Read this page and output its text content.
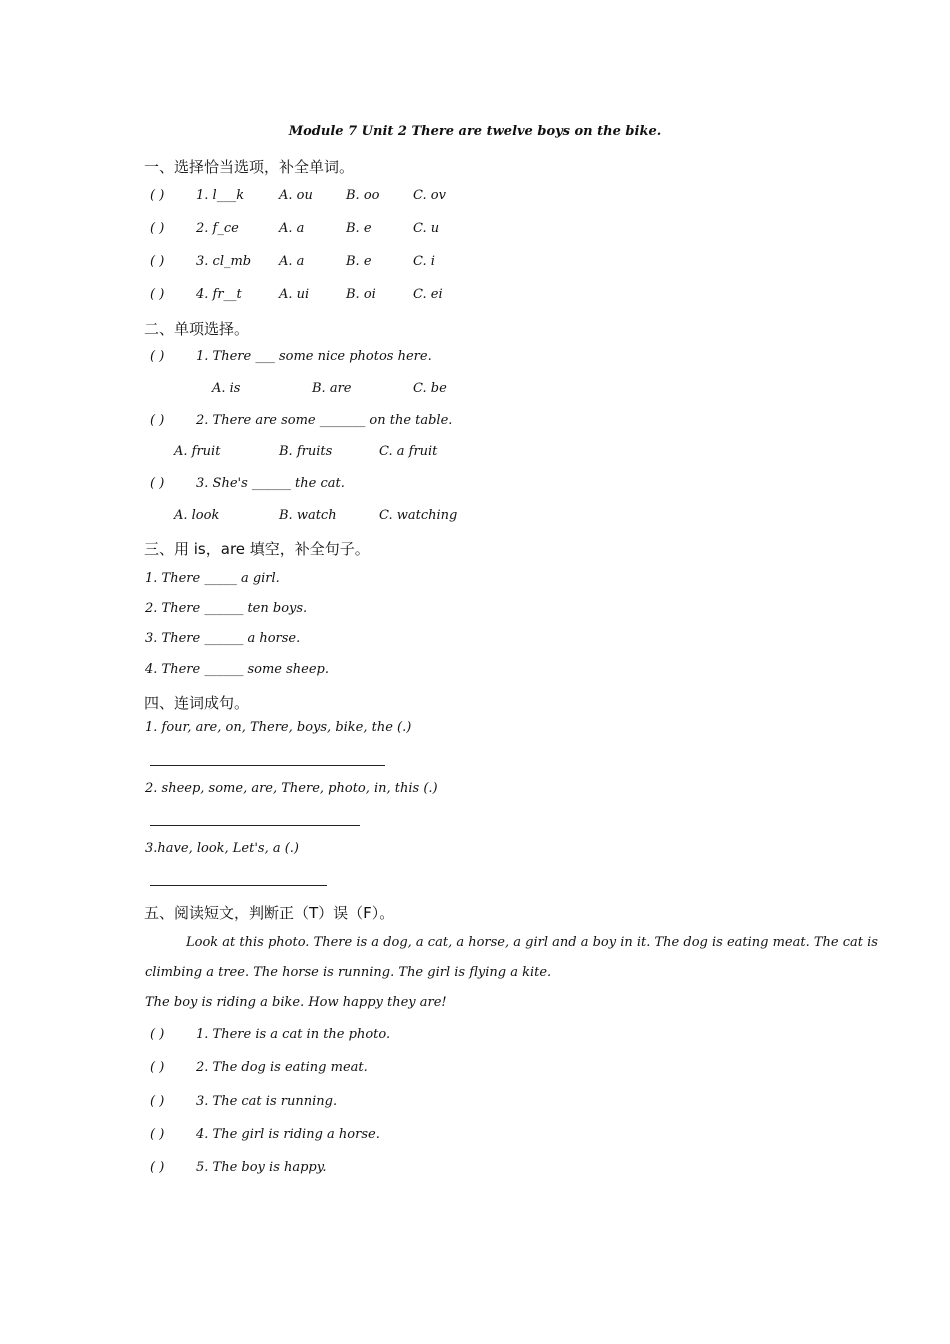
Module 7 Unit 2 There are twelve boys on the bike.
一、选择恰当选项，补全单词。
( ) 1. l___k	A. ou	B. oo	C. ov
( ) 2. f_ce	A. a	B. e	C. u
( ) 3. cl_mb A. a	B. e	C. i
( ) 4. fr__t	A. ui	B. oi	C. ei
二、单项选择。
( ) 1. There ___ some nice photos here.
A. is	B. are	C. be
( ) 2. There are some _______ on the table.
A. fruit	B. fruits	C. a fruit
( ) 3. She's ______ the cat.
A. look	B. watch	C. watching
三、用 is，are 填空，补全句子。
1. There _____ a girl.
2. There ______ ten boys.
3. There ______ a horse.
4. There ______ some sheep.
四、连词成句。
1. four, are, on, There, boys, bike, the (.)
2. sheep, some, are, There, photo, in, this (.)
3.have, look, Let's, a (.)
五、阅读短文，判断正（T）误（F）。
Look at this photo. There is a dog, a cat, a horse, a girl and a boy in it. The dog is eating meat. The cat is
climbing a tree. The horse is running. The girl is flying a kite.
The boy is riding a bike. How happy they are!
( ) 1. There is a cat in the photo.
( ) 2. The dog is eating meat.
( ) 3. The cat is running.
( ) 4. The girl is riding a horse.
( ) 5. The boy is happy.
